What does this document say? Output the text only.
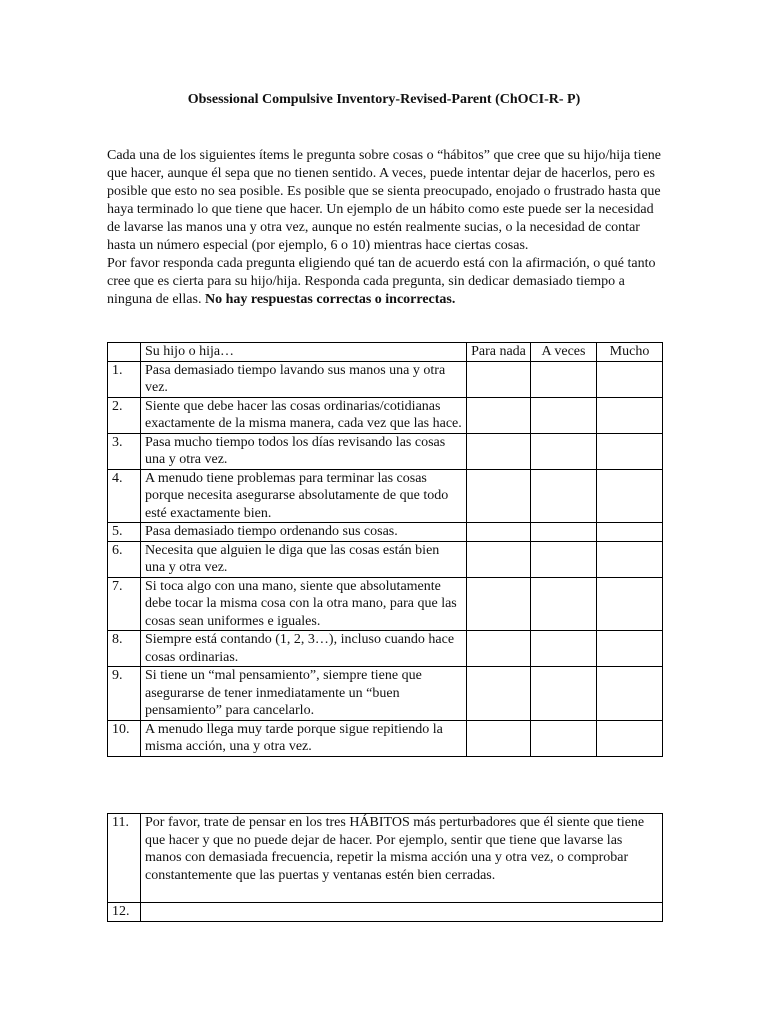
Obsessional Compulsive Inventory-Revised-Parent (ChOCI-R- P)

Cada una de los siguientes ítems le pregunta sobre cosas o “hábitos” que cree que su hijo/hija tiene que hacer, aunque él sepa que no tienen sentido. A veces, puede intentar dejar de hacerlos, pero es posible que esto no sea posible. Es posible que se sienta preocupado, enojado o frustrado hasta que haya terminado lo que tiene que hacer. Un ejemplo de un hábito como este puede ser la necesidad de lavarse las manos una y otra vez, aunque no estén realmente sucias, o la necesidad de contar hasta un número especial (por ejemplo, 6 o 10) mientras hace ciertas cosas.

Por favor responda cada pregunta eligiendo qué tan de acuerdo está con la afirmación, o qué tanto cree que es cierta para su hijo/hija. Responda cada pregunta, sin dedicar demasiado tiempo a ninguna de ellas. No hay respuestas correctas o incorrectas.

	Su hijo o hija…	Para nada	A veces	Mucho
1.	Pasa demasiado tiempo lavando sus manos una y otra vez.			
2.	Siente que debe hacer las cosas ordinarias/cotidianas exactamente de la misma manera, cada vez que las hace.			
3.	Pasa mucho tiempo todos los días revisando las cosas una y otra vez.			
4.	A menudo tiene problemas para terminar las cosas porque necesita asegurarse absolutamente de que todo esté exactamente bien.			
5.	Pasa demasiado tiempo ordenando sus cosas.			
6.	Necesita que alguien le diga que las cosas están bien una y otra vez.			
7.	Si toca algo con una mano, siente que absolutamente debe tocar la misma cosa con la otra mano, para que las cosas sean uniformes e iguales.			
8.	Siempre está contando (1, 2, 3…), incluso cuando hace cosas ordinarias.			
9.	Si tiene un “mal pensamiento”, siempre tiene que asegurarse de tener inmediatamente un “buen pensamiento” para cancelarlo.			
10.	A menudo llega muy tarde porque sigue repitiendo la misma acción, una y otra vez.			
11.	Por favor, trate de pensar en los tres HÁBITOS más perturbadores que él siente que tiene que hacer y que no puede dejar de hacer. Por ejemplo, sentir que tiene que lavarse las manos con demasiada frecuencia, repetir la misma acción una y otra vez, o comprobar constantemente que las puertas y ventanas estén bien cerradas.
12.	
